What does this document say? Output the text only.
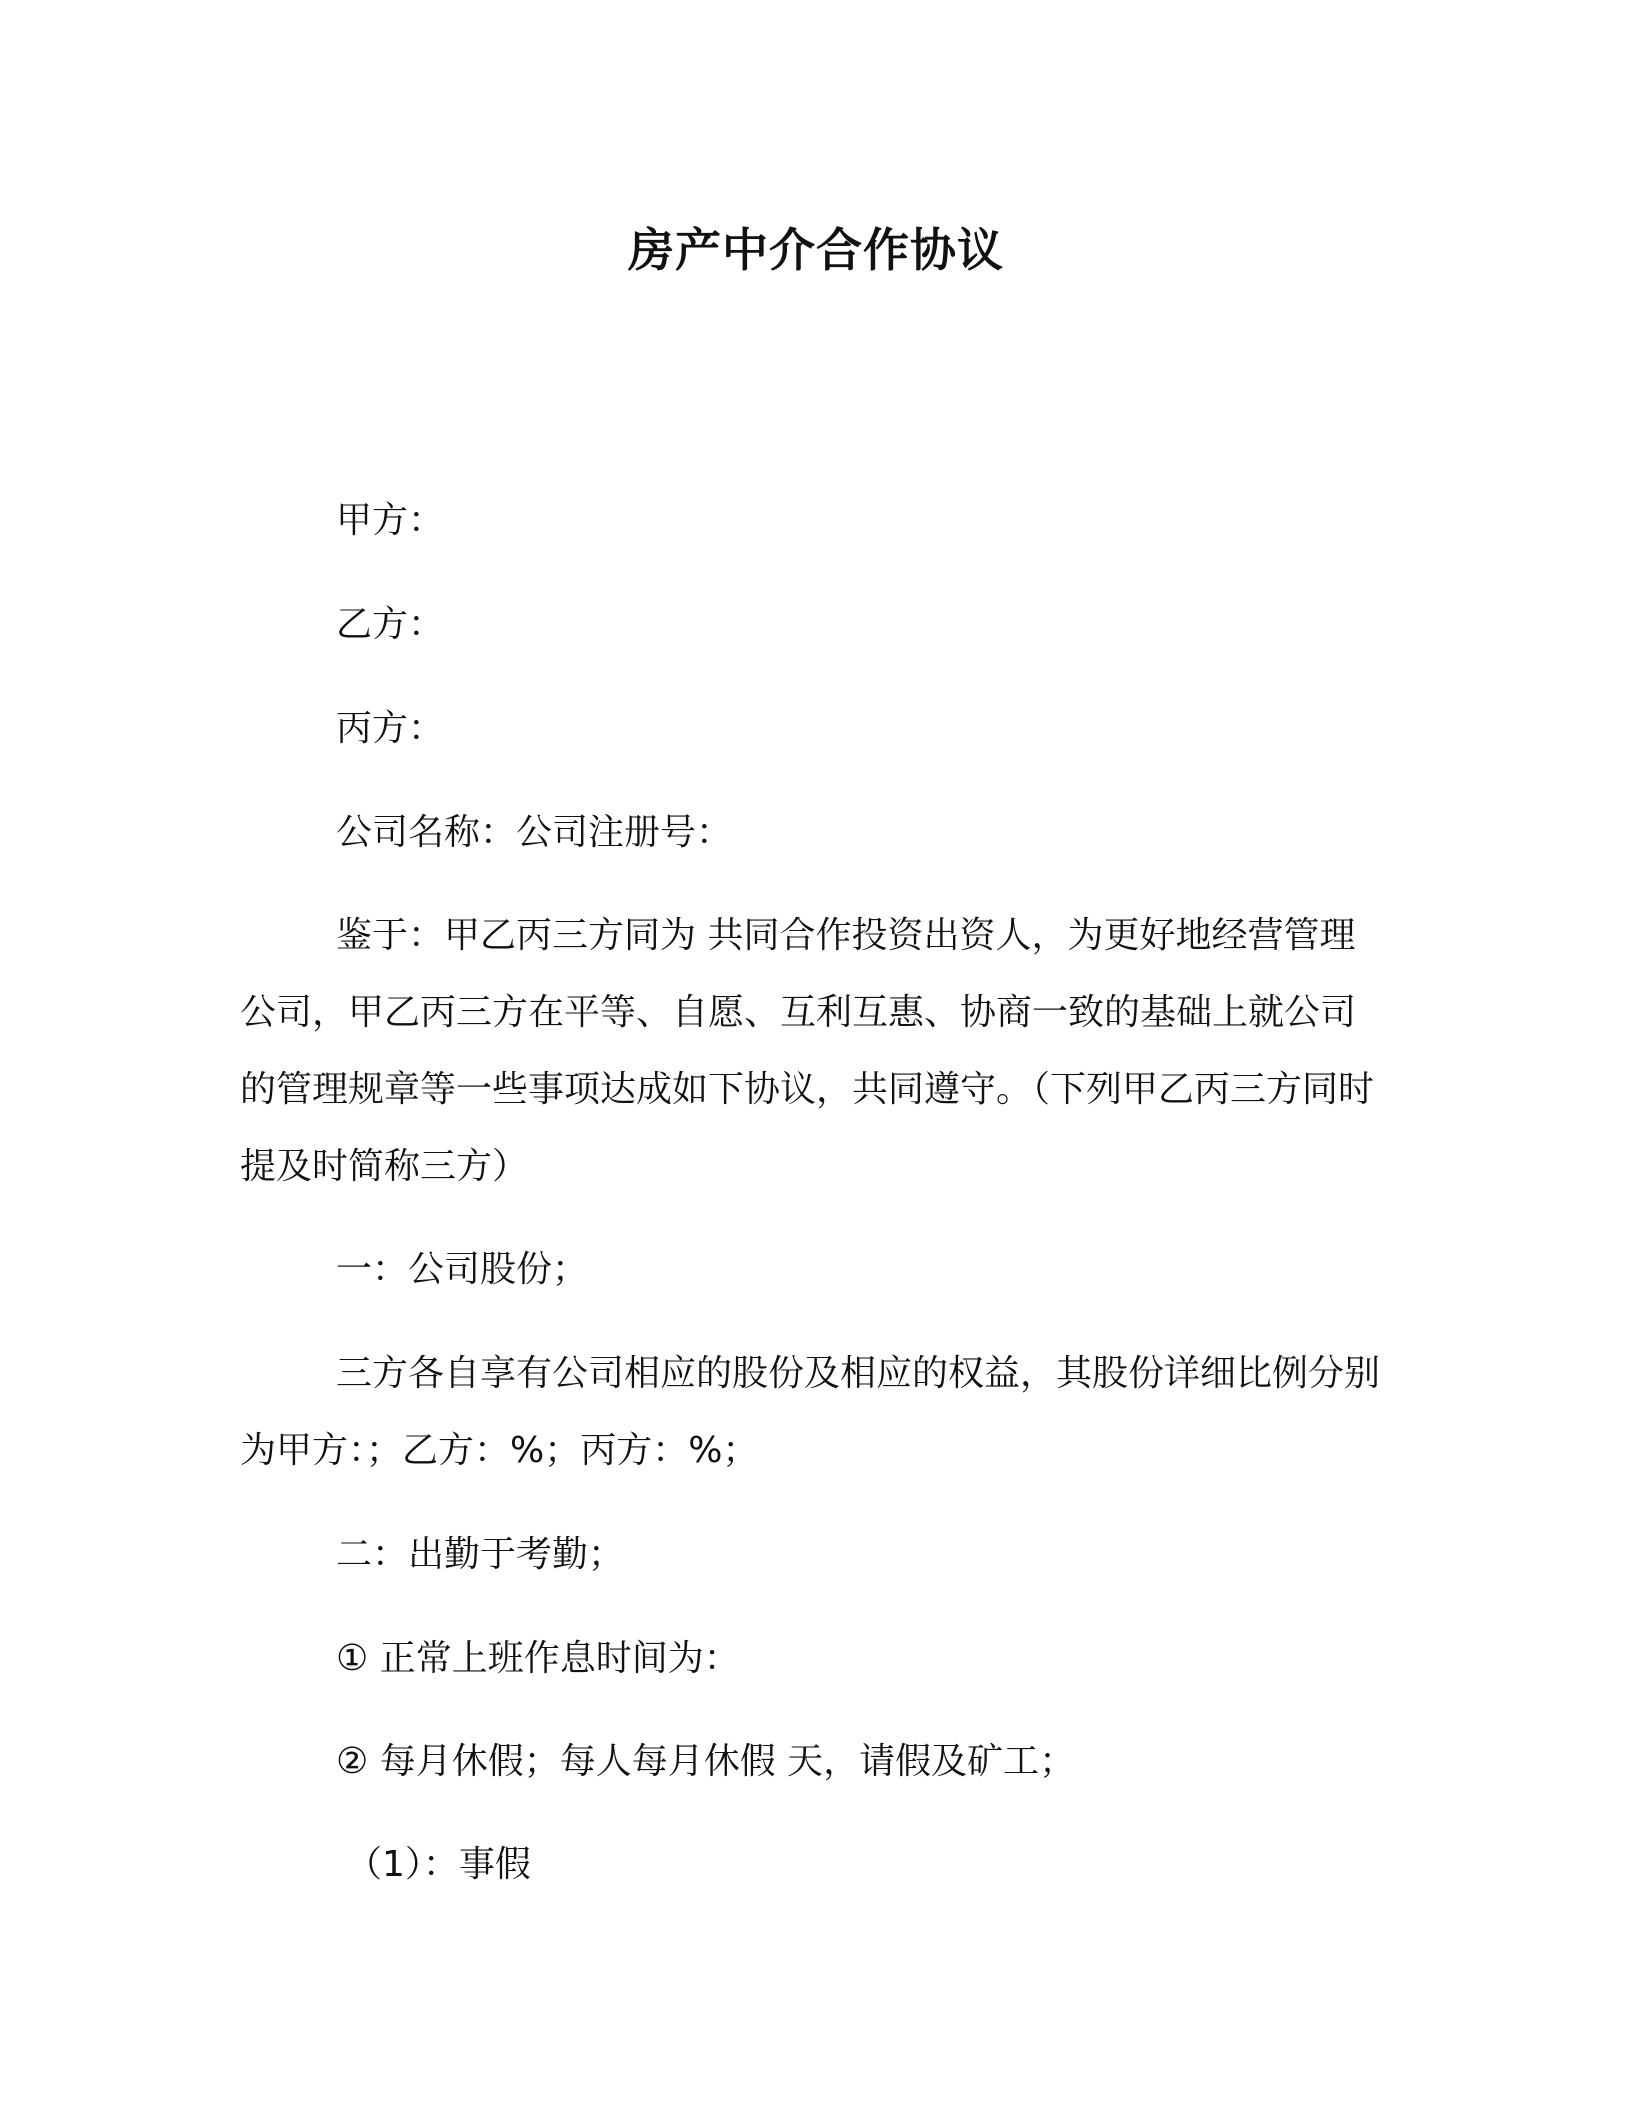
房产中介合作协议

甲方：

乙方：

丙方：

公司名称：公司注册号：

鉴于：甲乙丙三方同为 共同合作投资出资人，为更好地经营管理公司，甲乙丙三方在平等、自愿、互利互惠、协商一致的基础上就公司的管理规章等一些事项达成如下协议，共同遵守。（下列甲乙丙三方同时提及时简称三方）

一：公司股份；

三方各自享有公司相应的股份及相应的权益，其股份详细比例分别为甲方：；乙方：%；丙方：%；

二：出勤于考勤；

① 正常上班作息时间为：

② 每月休假；每人每月休假 天，请假及矿工；

（1）：事假
